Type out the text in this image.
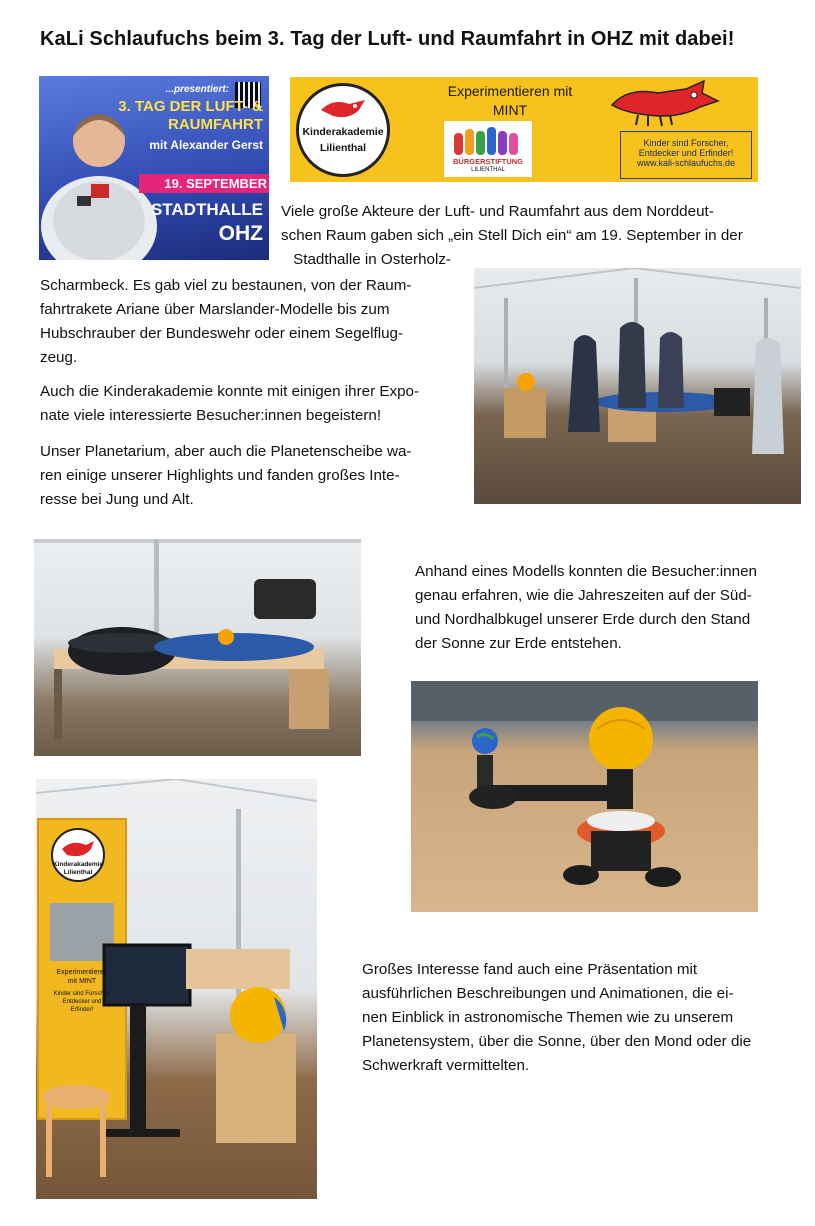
KaLi Schlaufuchs beim 3. Tag der Luft- und Raumfahrt in OHZ mit dabei!
...presentiert:
3. TAG DER LUFT- &
RAUMFAHRT
mit Alexander Gerst
19. SEPTEMBER
STADTHALLE
OHZ
Kinderakademie
Lilienthal
Experimentieren mit
MINT
BÜRGERSTIFTUNG
LILIENTHAL
Kinder sind Forscher,
Entdecker und Erfinder!
www.kali-schlaufuchs.de

Viele große Akteure der Luft- und Raumfahrt aus dem Norddeut-

schen Raum gaben sich „ein Stell Dich ein“ am 19. September in der

Stadthalle in Osterholz-

Scharmbeck. Es gab viel zu bestaunen, von der Raum-

fahrtrakete Ariane über Marslander-Modelle bis zum

Hubschrauber der Bundeswehr oder einem Segelflug-

zeug.

Auch die Kinderakademie konnte mit einigen ihrer Expo-

nate viele interessierte Besucher:innen begeistern!

Unser Planetarium, aber auch die Planetenscheibe wa-

ren einige unserer Highlights und fanden großes Inte-

resse bei Jung und Alt.

Anhand eines Modells konnten die Besucher:innen

genau erfahren, wie die Jahreszeiten auf der Süd-

und Nordhalbkugel unserer Erde durch den Stand

der Sonne zur Erde entstehen.

Kinderakademie
Lilienthal
Experimentieren
mit MINT
Kinder sind Forscher,
Entdecker und
Erfinder!

Großes Interesse fand auch eine Präsentation mit

ausführlichen Beschreibungen und Animationen, die ei-

nen Einblick in astronomische Themen wie zu unserem

Planetensystem, über die Sonne, über den Mond oder die

Schwerkraft vermittelten.
